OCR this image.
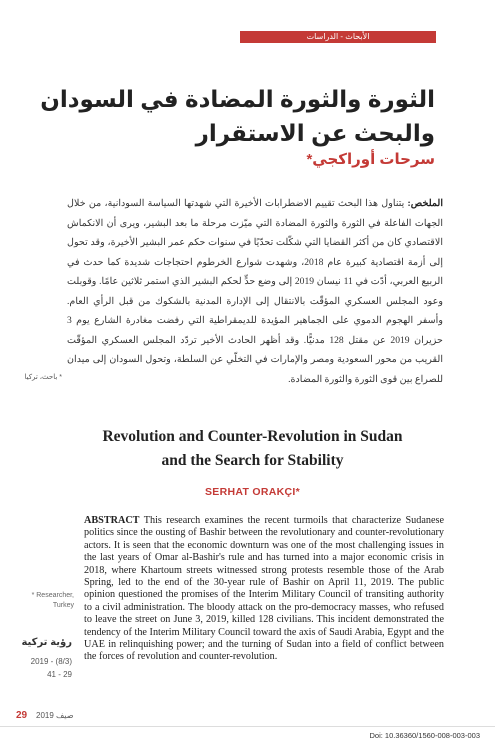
الأبحاث - الدراسات
الثورة والثورة المضادة في السودان
والبحث عن الاستقرار
سرحات أوراكجي*
الملخص: يتناول هذا البحث تقييم الاضطرابات الأخيرة التي شهدتها السياسة السودانية، من خلال الجهات الفاعلة في الثورة والثورة المضادة التي ميّزت مرحلة ما بعد البشير، ويرى أن الانكماش الاقتصادي كان من أكثر القضايا التي شكّلت تحدّيًا في سنوات حكم عمر البشير الأخيرة، وقد تحول إلى أزمة اقتصادية كبيرة عام 2018، وشهدت شوارع الخرطوم احتجاجات شديدة كما حدث في الربيع العربي، أدّت في 11 نيسان 2019 إلى وضع حدٍّ لحكم البشير الذي استمر ثلاثين عامًا. وقوبلت وعود المجلس العسكري المؤقّت بالانتقال إلى الإدارة المدنية بالشكوك من قبل الرأي العام. وأسفر الهجوم الدموي على الجماهير المؤيدة للديمقراطية التي رفضت مغادرة الشارع يوم 3 حزيران 2019 عن مقتل 128 مدنيًّا. وقد أظهر الحادث الأخير تردّد المجلس العسكري المؤقّت القريب من محور السعودية ومصر والإمارات في التخلّي عن السلطة، وتحول السودان إلى ميدان للصراع بين قوى الثورة والثورة المضادة.
* باحث، تركيا
Revolution and Counter-Revolution in Sudan
and the Search for Stability
SERHAT ORAKÇI*
ABSTRACT This research examines the recent turmoils that characterize Sudanese politics since the ousting of Bashir between the revolutionary and counter-revolutionary actors. It is seen that the economic downturn was one of the most challenging issues in the last years of Omar al-Bashir's rule and has turned into a major economic crisis in 2018, where Khartoum streets witnessed strong protests resemble those of the Arab Spring, led to the end of the 30-year rule of Bashir on April 11, 2019. The public opinion questioned the promises of the Interim Military Council of transiting authority to a civil administration. The bloody attack on the pro-democracy masses, who refused to leave the street on June 3, 2019, killed 128 civilians. This incident demonstrated the tendency of the Interim Military Council toward the axis of Saudi Arabia, Egypt and the UAE in relinquishing power; and the turning of Sudan into a field of conflict between the forces of revolution and counter-revolution.
* Researcher,
Turkey
رؤية تركية
2019 - (8/3)
41 - 29
29 صيف 2019
Doi: 10.36360/1560-008-003-003
